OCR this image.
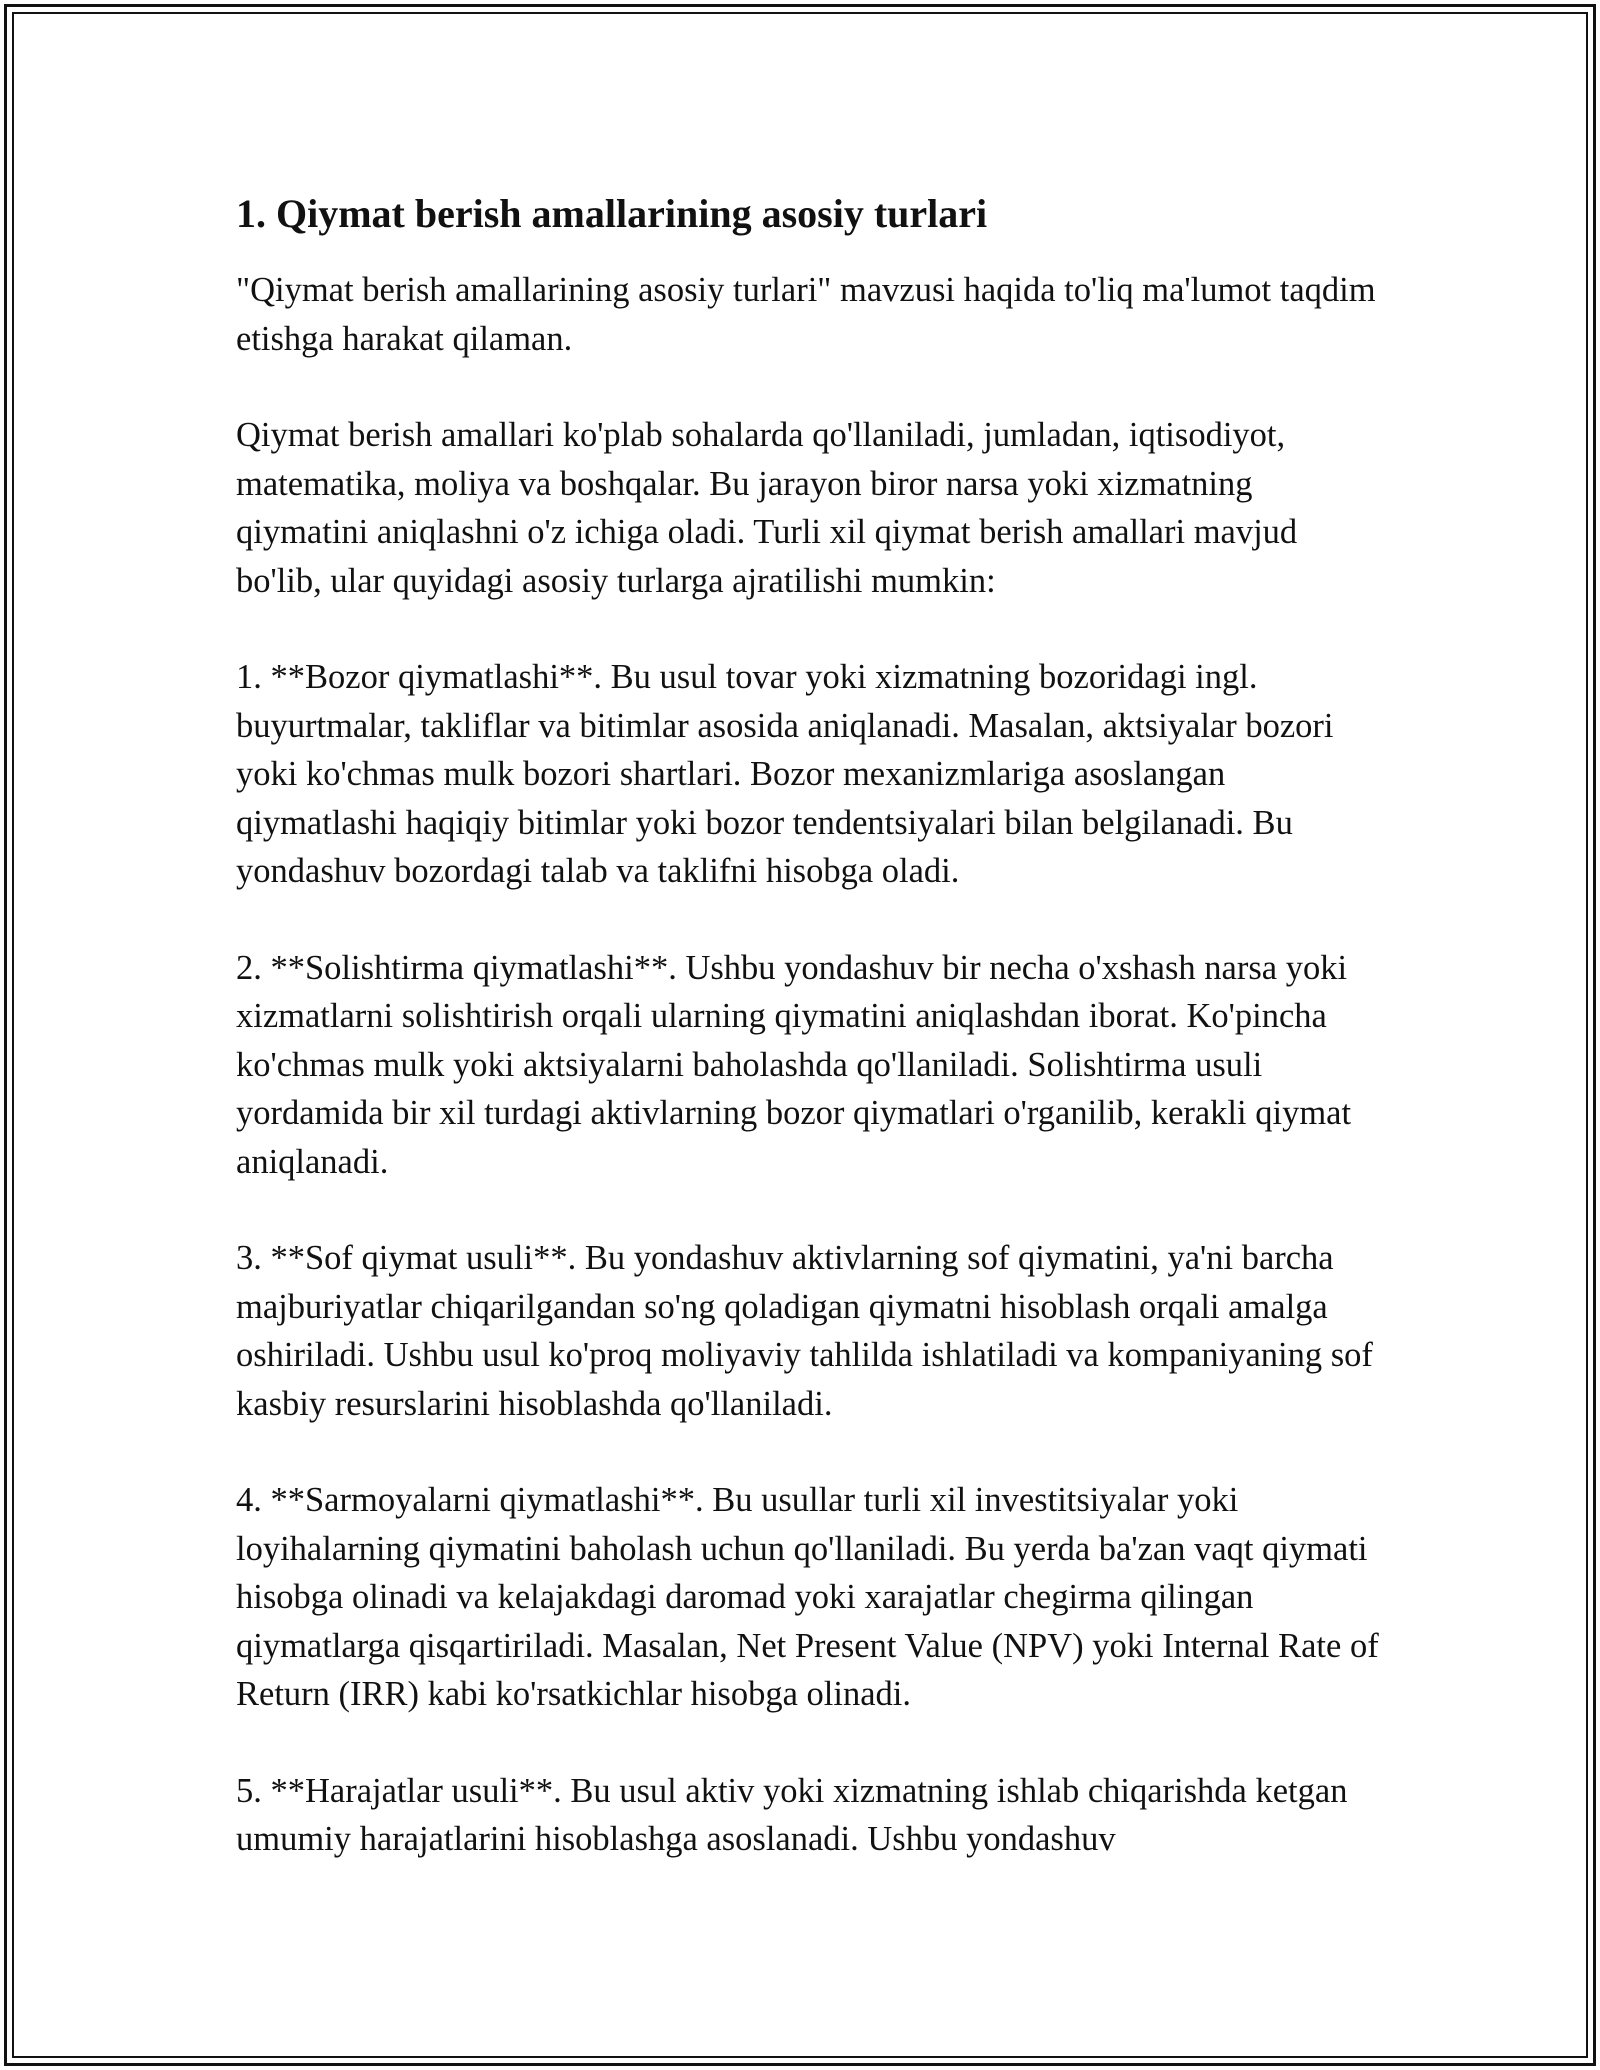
1. Qiymat berish amallarining asosiy turlari

"Qiymat berish amallarining asosiy turlari" mavzusi haqida to'liq ma'lumot taqdim etishga harakat qilaman.

Qiymat berish amallari ko'plab sohalarda qo'llaniladi, jumladan, iqtisodiyot, matematika, moliya va boshqalar. Bu jarayon biror narsa yoki xizmatning qiymatini aniqlashni o'z ichiga oladi. Turli xil qiymat berish amallari mavjud bo'lib, ular quyidagi asosiy turlarga ajratilishi mumkin:

1. **Bozor qiymatlashi**. Bu usul tovar yoki xizmatning bozoridagi ingl. buyurtmalar, takliflar va bitimlar asosida aniqlanadi. Masalan, aktsiyalar bozori yoki ko'chmas mulk bozori shartlari. Bozor mexanizmlariga asoslangan qiymatlashi haqiqiy bitimlar yoki bozor tendentsiyalari bilan belgilanadi. Bu yondashuv bozordagi talab va taklifni hisobga oladi.

2. **Solishtirma qiymatlashi**. Ushbu yondashuv bir necha o'xshash narsa yoki xizmatlarni solishtirish orqali ularning qiymatini aniqlashdan iborat. Ko'pincha ko'chmas mulk yoki aktsiyalarni baholashda qo'llaniladi. Solishtirma usuli yordamida bir xil turdagi aktivlarning bozor qiymatlari o'rganilib, kerakli qiymat aniqlanadi.

3. **Sof qiymat usuli**. Bu yondashuv aktivlarning sof qiymatini, ya'ni barcha majburiyatlar chiqarilgandan so'ng qoladigan qiymatni hisoblash orqali amalga oshiriladi. Ushbu usul ko'proq moliyaviy tahlilda ishlatiladi va kompaniyaning sof kasbiy resurslarini hisoblashda qo'llaniladi.

4. **Sarmoyalarni qiymatlashi**. Bu usullar turli xil investitsiyalar yoki loyihalarning qiymatini baholash uchun qo'llaniladi. Bu yerda ba'zan vaqt qiymati hisobga olinadi va kelajakdagi daromad yoki xarajatlar chegirma qilingan qiymatlarga qisqartiriladi. Masalan, Net Present Value (NPV) yoki Internal Rate of Return (IRR) kabi ko'rsatkichlar hisobga olinadi.

5. **Harajatlar usuli**. Bu usul aktiv yoki xizmatning ishlab chiqarishda ketgan umumiy harajatlarini hisoblashga asoslanadi. Ushbu yondashuv
